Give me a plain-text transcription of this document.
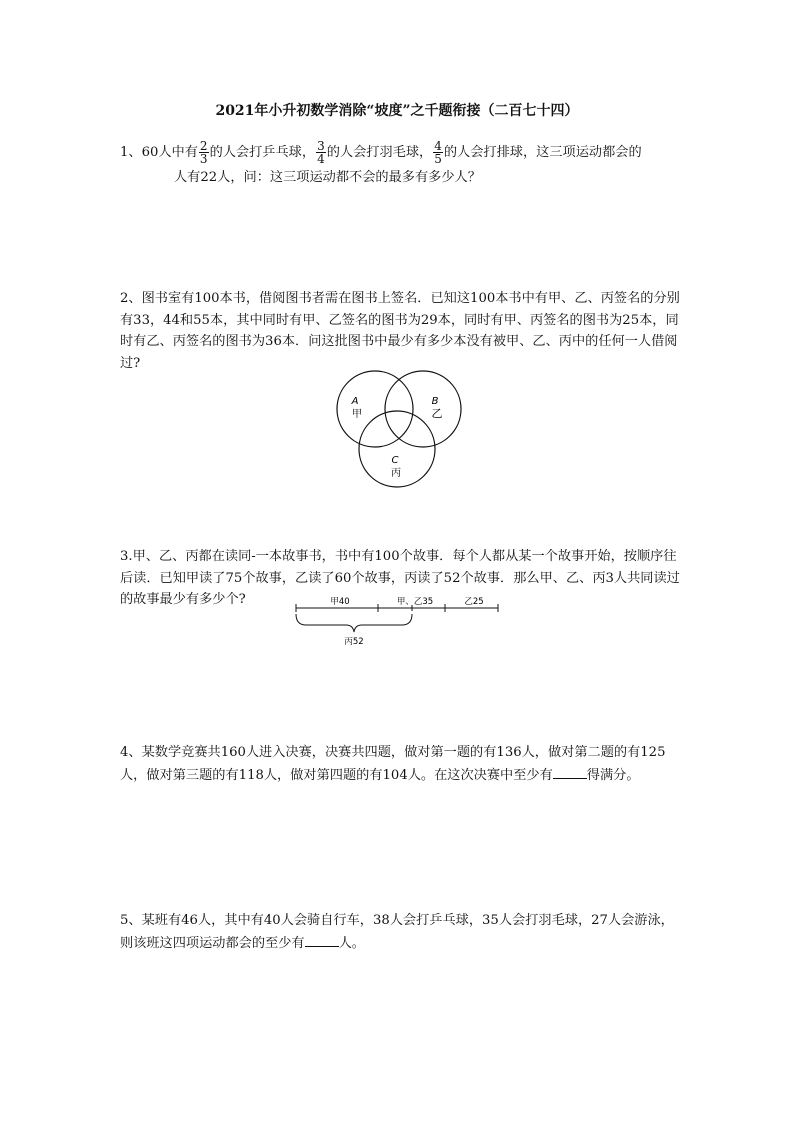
2021年小升初数学消除“坡度”之千题衔接（二百七十四）
1、60人中有 $\frac{2}{3}$ 的人会打乒乓球， $\frac{3}{4}$ 的人会打羽毛球， $\frac{4}{5}$ 的人会打排球，这三项运动都会的
人有22人，问：这三项运动都不会的最多有多少人？
2、图书室有100本书，借阅图书者需在图书上签名．已知这100本书中有甲、乙、丙签名的分别有33，44和55本，其中同时有甲、乙签名的图书为29本，同时有甲、丙签名的图书为25本，同时有乙、丙签名的图书为36本．问这批图书中最少有多少本没有被甲、乙、丙中的任何一人借阅过?
A
甲
B
乙
C
丙
3.甲、乙、丙都在读同-一本故事书，书中有100个故事．每个人都从某一个故事开始，按顺序往后读．已知甲读了75个故事，乙读了60个故事，丙读了52个故事．那么甲、乙、丙3人共同读过的故事最少有多少个?	甲40	甲、乙35	乙25
丙52
4、某数学竞赛共160人进入决赛，决赛共四题，做对第一题的有136人，做对第二题的有125人，做对第三题的有118人，做对第四题的有104人。在这次决赛中至少有	得满分。
5、某班有46人，其中有40人会骑自行车，38人会打乒乓球，35人会打羽毛球，27人会游泳，则该班这四项运动都会的至少有	人。
